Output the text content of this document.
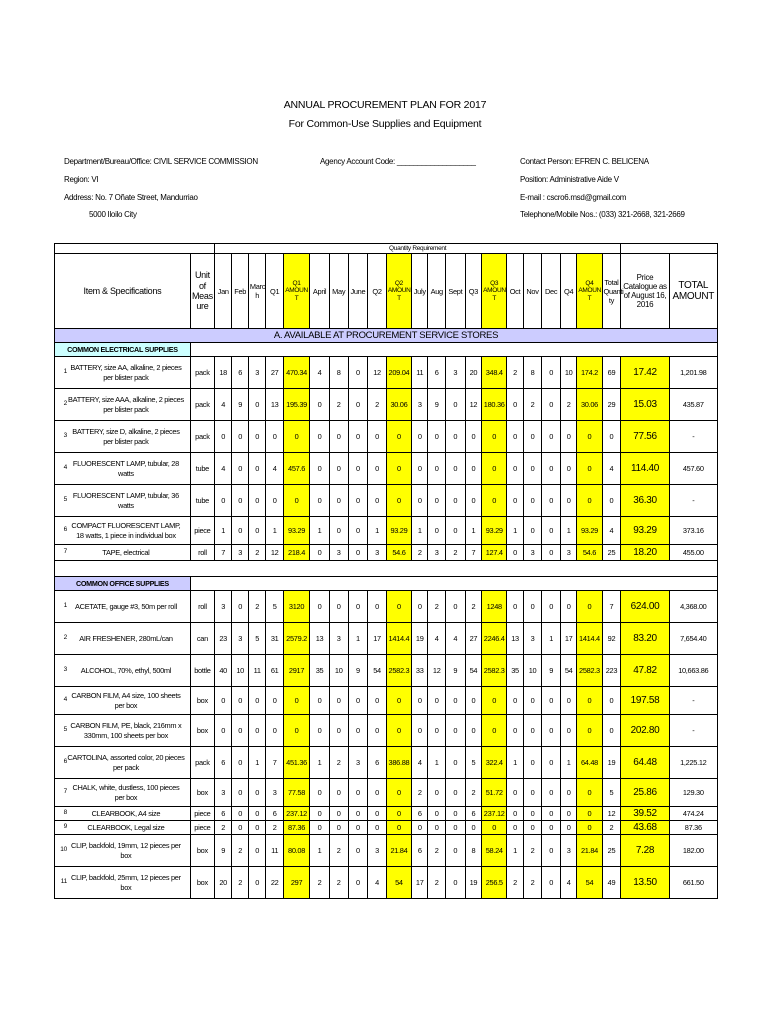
ANNUAL PROCUREMENT PLAN FOR 2017
For Common-Use Supplies and Equipment
Department/Bureau/Office: CIVIL SERVICE COMMISSION	Agency Account Code: ___________________	Contact Person: EFREN C. BELICENA
Region: VI	Position: Administrative Aide V
Address: No. 7 Oñate Street, Mandurriao	E-mail : cscro6.msd@gmail.com
5000 Iloilo City	Telephone/Mobile Nos.: (033) 321-2668, 321-2669
		Quantity Requirement																						
Item & Specifications	Unit of Meas ure	Jan	Feb	Marc h	Q1	Q1 AMOUN T	April	May	June	Q2	Q2 AMOUN T	July	Aug	Sept	Q3	Q3 AMOUN T	Oct	Nov	Dec	Q4	Q4 AMOUN T	Total Quanti ty	Price Catalogue as of August 16, 2016	TOTAL AMOUNT
A. AVAILABLE AT PROCUREMENT SERVICE STORES																								
COMMON ELECTRICAL SUPPLIES																								
1 BATTERY, size AA, alkaline, 2 pieces per blister pack	pack	18	6	3	27	470.34	4	8	0	12	209.04	11	6	3	20	348.4	2	8	0	10	174.2	69	17.42	1,201.98
2BATTERY, size AAA, alkaline, 2 pieces per blister pack	pack	4	9	0	13	195.39	0	2	0	2	30.06	3	9	0	12	180.36	0	2	0	2	30.06	29	15.03	435.87
3 BATTERY, size D, alkaline, 2 pieces per blister pack	pack	0	0	0	0	0	0	0	0	0	0	0	0	0	0	0	0	0	0	0	0	0	77.56	-
4 FLUORESCENT LAMP, tubular, 28 watts	tube	4	0	0	4	457.6	0	0	0	0	0	0	0	0	0	0	0	0	0	0	0	4	114.40	457.60
5 FLUORESCENT LAMP, tubular, 36 watts	tube	0	0	0	0	0	0	0	0	0	0	0	0	0	0	0	0	0	0	0	0	0	36.30	-
6 COMPACT FLUORESCENT LAMP, 18 watts, 1 piece in individual box	piece	1	0	0	1	93.29	1	0	0	1	93.29	1	0	0	1	93.29	1	0	0	1	93.29	4	93.29	373.16
7 TAPE, electrical	roll	7	3	2	12	218.4	0	3	0	3	54.6	2	3	2	7	127.4	0	3	0	3	54.6	25	18.20	455.00

COMMON OFFICE SUPPLIES																								
1 ACETATE, gauge #3, 50m per roll	roll	3	0	2	5	3120	0	0	0	0	0	0	2	0	2	1248	0	0	0	0	0	7	624.00	4,368.00
2 AIR FRESHENER, 280mL/can	can	23	3	5	31	2579.2	13	3	1	17	1414.4	19	4	4	27	2246.4	13	3	1	17	1414.4	92	83.20	7,654.40
3 ALCOHOL, 70%, ethyl, 500ml	bottle	40	10	11	61	2917	35	10	9	54	2582.3	33	12	9	54	2582.3	35	10	9	54	2582.3	223	47.82	10,663.86
4 CARBON FILM, A4 size, 100 sheets per box	box	0	0	0	0	0	0	0	0	0	0	0	0	0	0	0	0	0	0	0	0	0	197.58	-
5 CARBON FILM, PE, black, 216mm x 330mm, 100 sheets per box	box	0	0	0	0	0	0	0	0	0	0	0	0	0	0	0	0	0	0	0	0	0	202.80	-
6CARTOLINA, assorted color, 20 pieces per pack	pack	6	0	1	7	451.36	1	2	3	6	386.88	4	1	0	5	322.4	1	0	0	1	64.48	19	64.48	1,225.12
7 CHALK, white, dustless, 100 pieces per box	box	3	0	0	3	77.58	0	0	0	0	0	2	0	0	2	51.72	0	0	0	0	0	5	25.86	129.30
8 CLEARBOOK, A4 size	piece	6	0	0	6	237.12	0	0	0	0	0	6	0	0	6	237.12	0	0	0	0	0	12	39.52	474.24
9 CLEARBOOK, Legal size	piece	2	0	0	2	87.36	0	0	0	0	0	0	0	0	0	0	0	0	0	0	0	2	43.68	87.36
10 CLIP, backfold, 19mm, 12 pieces per box	box	9	2	0	11	80.08	1	2	0	3	21.84	6	2	0	8	58.24	1	2	0	3	21.84	25	7.28	182.00
11 CLIP, backfold, 25mm, 12 pieces per box	box	20	2	0	22	297	2	2	0	4	54	17	2	0	19	256.5	2	2	0	4	54	49	13.50	661.50
